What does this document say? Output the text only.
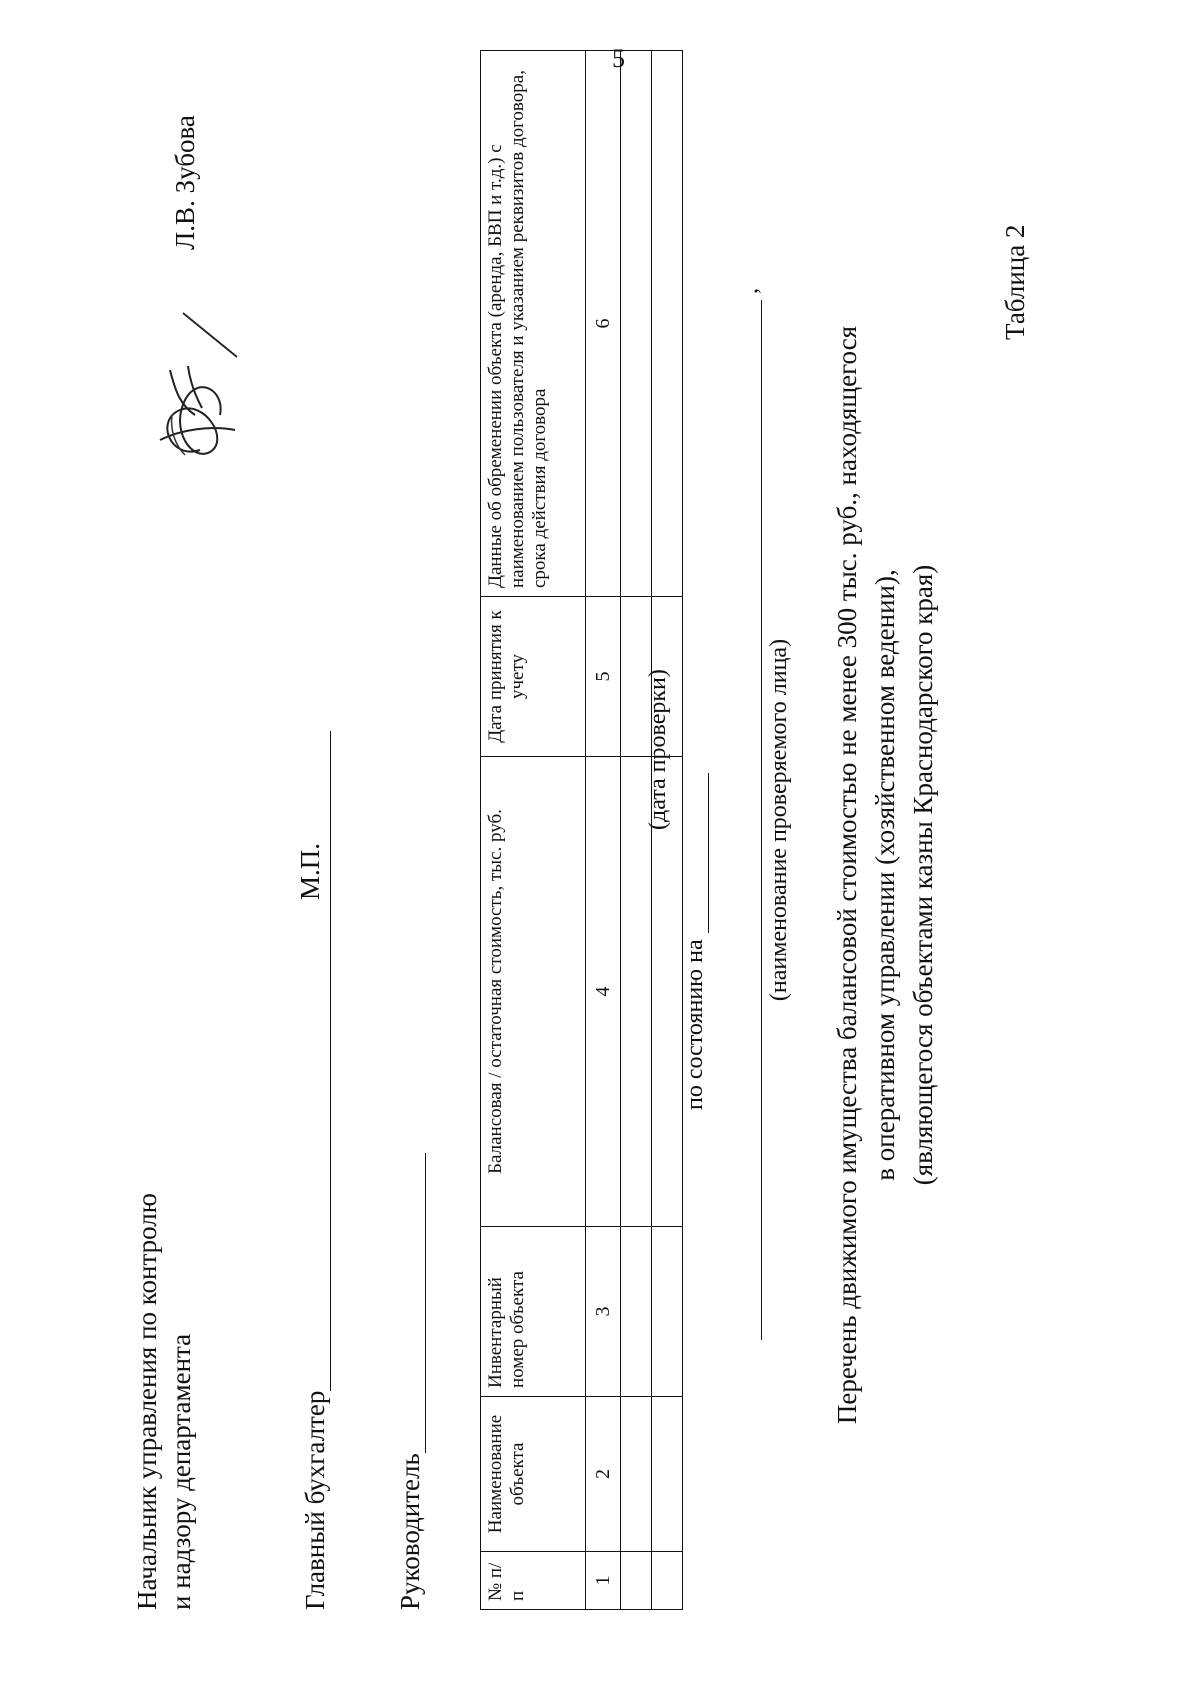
5
Таблица 2
Перечень движимого имущества балансовой стоимостью не менее 300 тыс. руб., находящегося в оперативном управлении (хозяйственном ведении), (являющегося объектами казны Краснодарского края)
,
(наименование проверяемого лица)
по состоянию на
(дата проверки)
№ п/п	Наименование объекта	Инвентарный номер объекта	Балансовая / остаточная стоимость, тыс. руб.	Дата принятия к учету	Данные об обременении объекта (аренда, БВП и т.д.) с наименованием пользователя и указанием реквизитов договора, срока действия договора
1	2	3	4	5	6

Руководитель
Главный бухгалтер
М.П.
Начальник управления по контролю и надзору департамента
Л.В. Зубова
